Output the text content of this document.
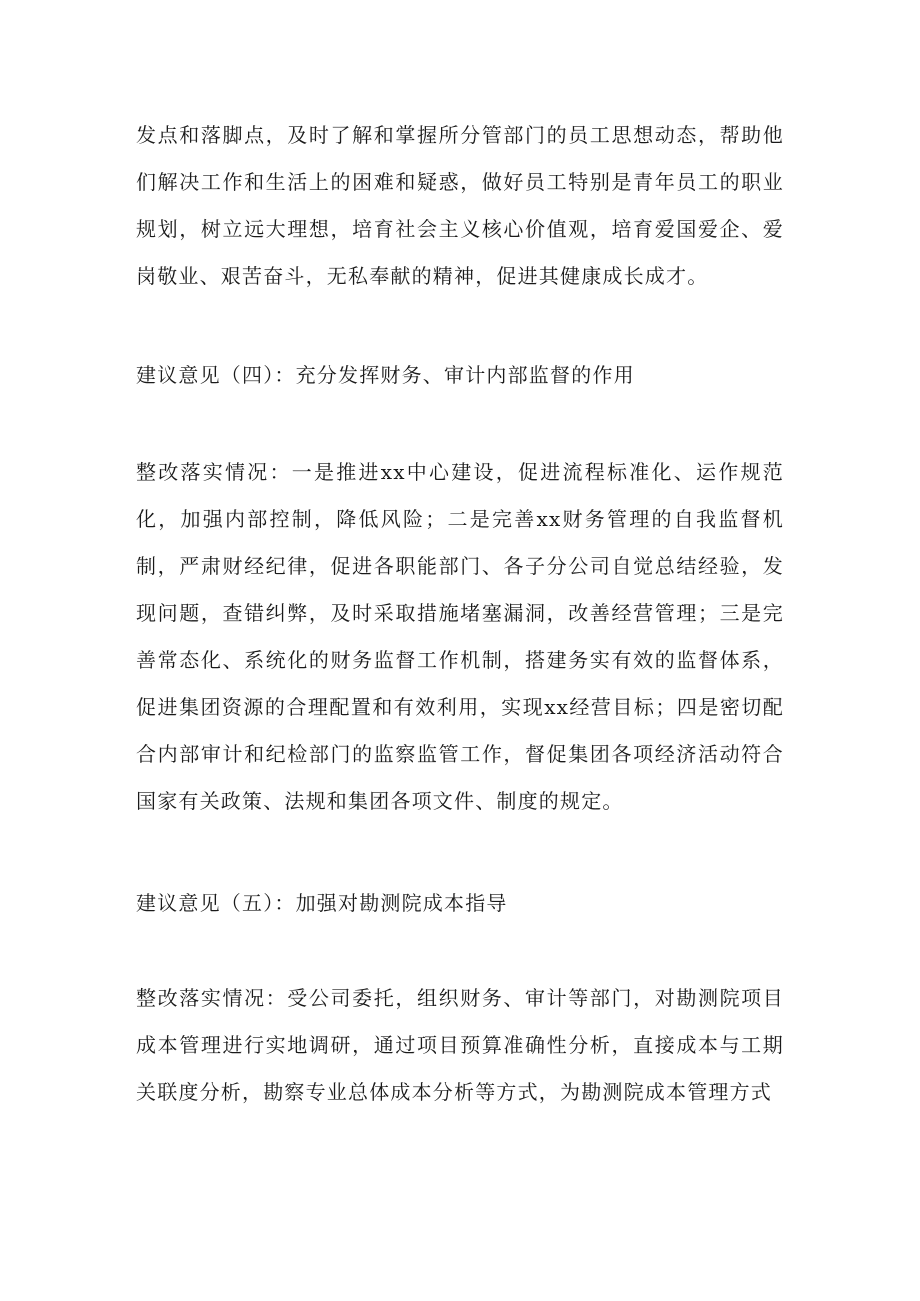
发点和落脚点，及时了解和掌握所分管部门的员工思想动态，帮助他们解决工作和生活上的困难和疑惑，做好员工特别是青年员工的职业规划，树立远大理想，培育社会主义核心价值观，培育爱国爱企、爱岗敬业、艰苦奋斗，无私奉献的精神，促进其健康成长成才。

建议意见（四）：充分发挥财务、审计内部监督的作用

整改落实情况：一是推进xx中心建设，促进流程标准化、运作规范化，加强内部控制，降低风险；二是完善xx财务管理的自我监督机制，严肃财经纪律，促进各职能部门、各子分公司自觉总结经验，发现问题，查错纠弊，及时采取措施堵塞漏洞，改善经营管理；三是完善常态化、系统化的财务监督工作机制，搭建务实有效的监督体系，促进集团资源的合理配置和有效利用，实现xx经营目标；四是密切配合内部审计和纪检部门的监察监管工作，督促集团各项经济活动符合国家有关政策、法规和集团各项文件、制度的规定。

建议意见（五）：加强对勘测院成本指导

整改落实情况：受公司委托，组织财务、审计等部门，对勘测院项目成本管理进行实地调研，通过项目预算准确性分析，直接成本与工期关联度分析，勘察专业总体成本分析等方式，为勘测院成本管理方式
